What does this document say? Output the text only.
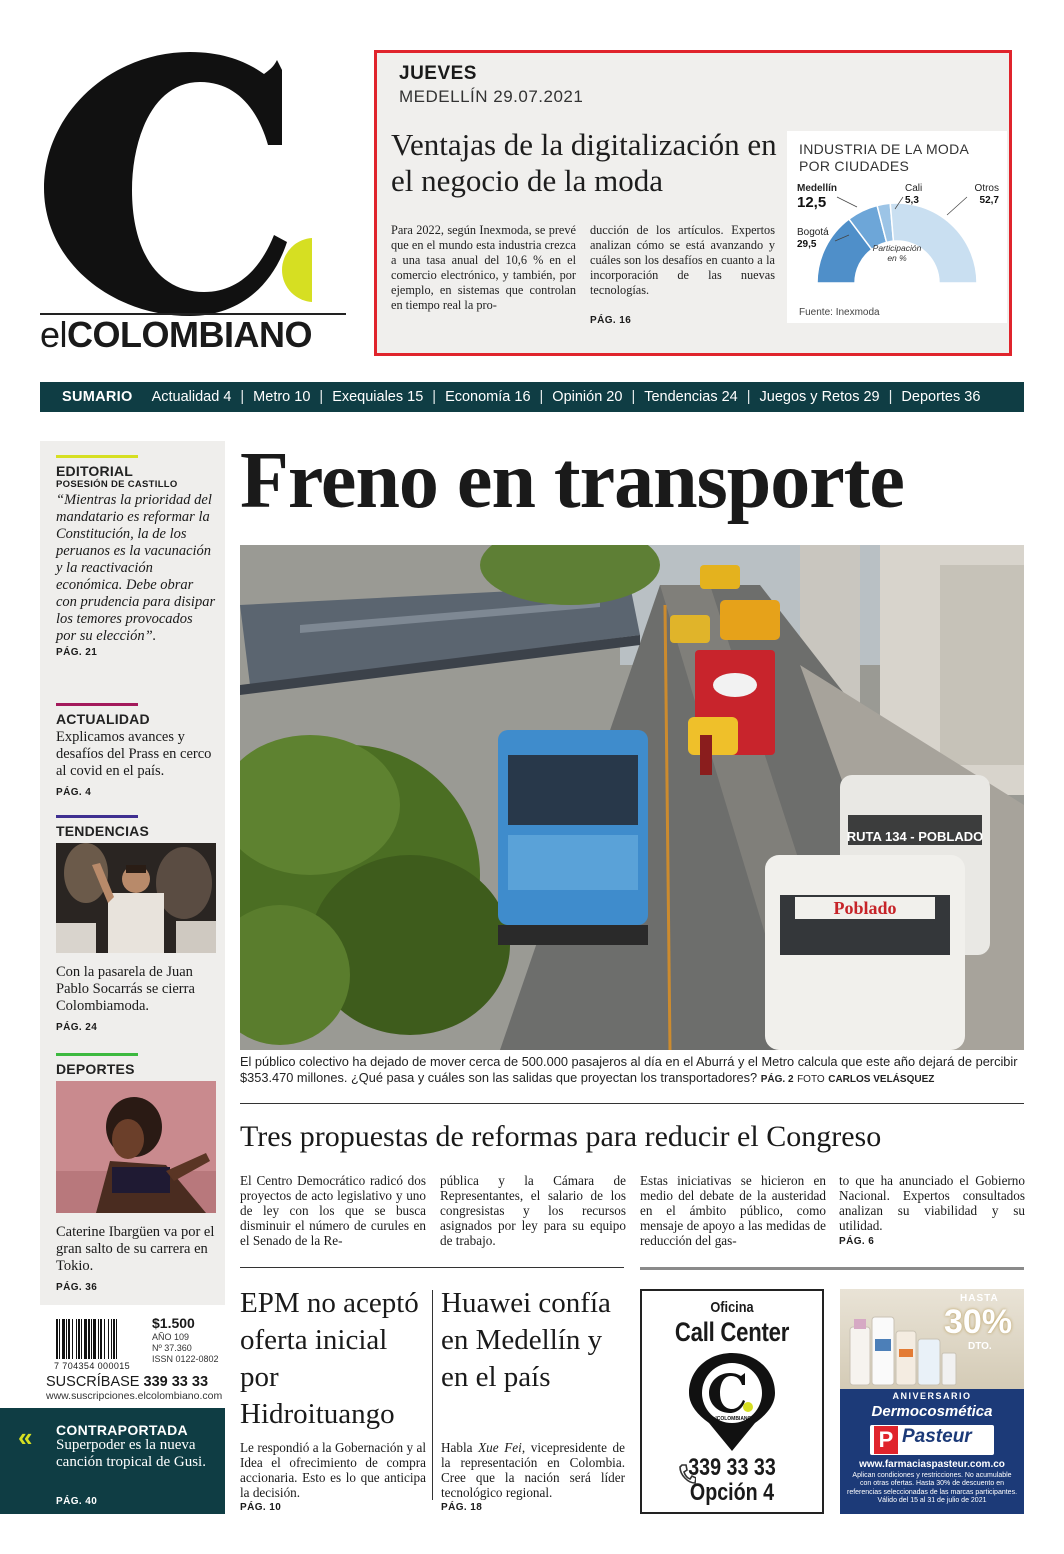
elCOLOMBIANO
JUEVES
MEDELLÍN 29.07.2021
Ventajas de la digitalización en el negocio de la moda
Para 2022, según Inexmoda, se prevé que en el mundo esta industria crezca a una tasa anual del 10,6 % en el comercio electrónico, y también, por ejemplo, en sistemas que controlan en tiempo real la pro-
ducción de los artículos. Expertos analizan cómo se está avanzando y cuáles son los desafíos en cuanto a la incorporación de las nuevas tecnologías.
PÁG. 16
INDUSTRIA DE LA MODA POR CIUDADES
Participación
en %
Bogotá
29,5
Medellín
12,5
Cali
5,3
Otros
52,7
Fuente: Inexmoda
SUMARIO Actualidad 4 | Metro 10 | Exequiales 15 | Economía 16 | Opinión 20 | Tendencias 24 | Juegos y Retos 29 | Deportes 36
EDITORIAL
POSESIÓN DE CASTILLO
“Mientras la prioridad del mandatario es reformar la Constitución, la de los peruanos es la vacunación y la reactivación económica. Debe obrar con prudencia para disipar los temores provocados por su elección”.
PÁG. 21
ACTUALIDAD
Explicamos avances y desafíos del Prass en cerco al covid en el país.
PÁG. 4
TENDENCIAS
Con la pasarela de Juan Pablo Socarrás se cierra Colombiamoda.
PÁG. 24
DEPORTES
Caterine Ibargüen va por el gran salto de su carrera en Tokio.
PÁG. 36
7 704354 000015
$1.500
AÑO 109
Nº 37.360
ISSN 0122-0802
SUSCRÍBASE 339 33 33
www.suscripciones.elcolombiano.com
« CONTRAPORTADA
Superpoder es la nueva canción tropical de Gusi.
PÁG. 40
Freno en transporte
Poblado
RUTA 134 - POBLADO
El público colectivo ha dejado de mover cerca de 500.000 pasajeros al día en el Aburrá y el Metro calcula que este año dejará de percibir $353.470 millones. ¿Qué pasa y cuáles son las salidas que proyectan los transportadores? PÁG. 2 FOTO CARLOS VELÁSQUEZ
Tres propuestas de reformas para reducir el Congreso
El Centro Democrático radicó dos proyectos de acto legislativo y uno de ley con los que se busca disminuir el número de curules en el Senado de la Re-
pública y la Cámara de Representantes, el salario de los congresistas y los recursos asignados por ley para su equipo de trabajo.
Estas iniciativas se hicieron en medio del debate de la austeridad en el ámbito público, como mensaje de apoyo a las medidas de reducción del gas-
to que ha anunciado el Gobierno Nacional. Expertos consultados analizan su viabilidad y su utilidad.
PÁG. 6
EPM no aceptó oferta inicial por Hidroituango
Le respondió a la Gobernación y al Idea el ofrecimiento de compra accionaria. Esto es lo que anticipa la decisión.
PÁG. 10
Huawei confía en Medellín y en el país
Habla Xue Fei, vicepresidente de la representación en Colombia. Cree que la nación será líder tecnológico regional.
PÁG. 18
Oficina
Call Center
elCOLOMBIANO
339 33 33
Opción 4
HASTA
30%
DTO.
ANIVERSARIO
Dermocosmética
P Pasteur
www.farmaciaspasteur.com.co
Aplican condiciones y restricciones. No acumulable con otras ofertas. Hasta 30% de descuento en referencias seleccionadas de las marcas participantes. Válido del 15 al 31 de julio de 2021
